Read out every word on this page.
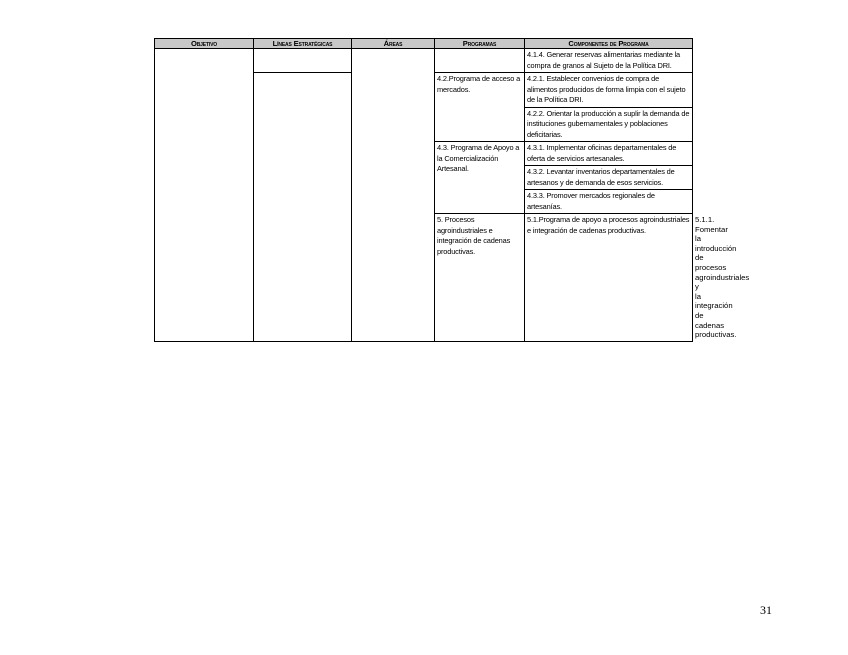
Objetivo	Líneas Estratégicas	Áreas	Programas	Componentes de Programa	
				4.1.4. Generar reservas alimentarias mediante la compra de granos al Sujeto de la Política DRI.	
			4.2.Programa de acceso a mercados.	4.2.1. Establecer convenios de compra de alimentos producidos de forma limpia con el sujeto de la Política DRI.	
				4.2.2. Orientar la producción a suplir la demanda de instituciones gubernamentales y poblaciones deficitarias.	
			4.3. Programa de Apoyo a la Comercialización Artesanal.	4.3.1. Implementar oficinas departamentales de oferta de servicios artesanales.	
				4.3.2. Levantar inventarios departamentales de artesanos y de demanda de esos servicios.	
				4.3.3. Promover mercados regionales de artesanías.	
			5. Procesos agroindustriales e integración de cadenas productivas.	5.1.Programa de apoyo a procesos agroindustriales e integración de cadenas productivas.	5.1.1. Fomentar la introducción de procesos agroindustriales y la integración de cadenas productivas.
31
